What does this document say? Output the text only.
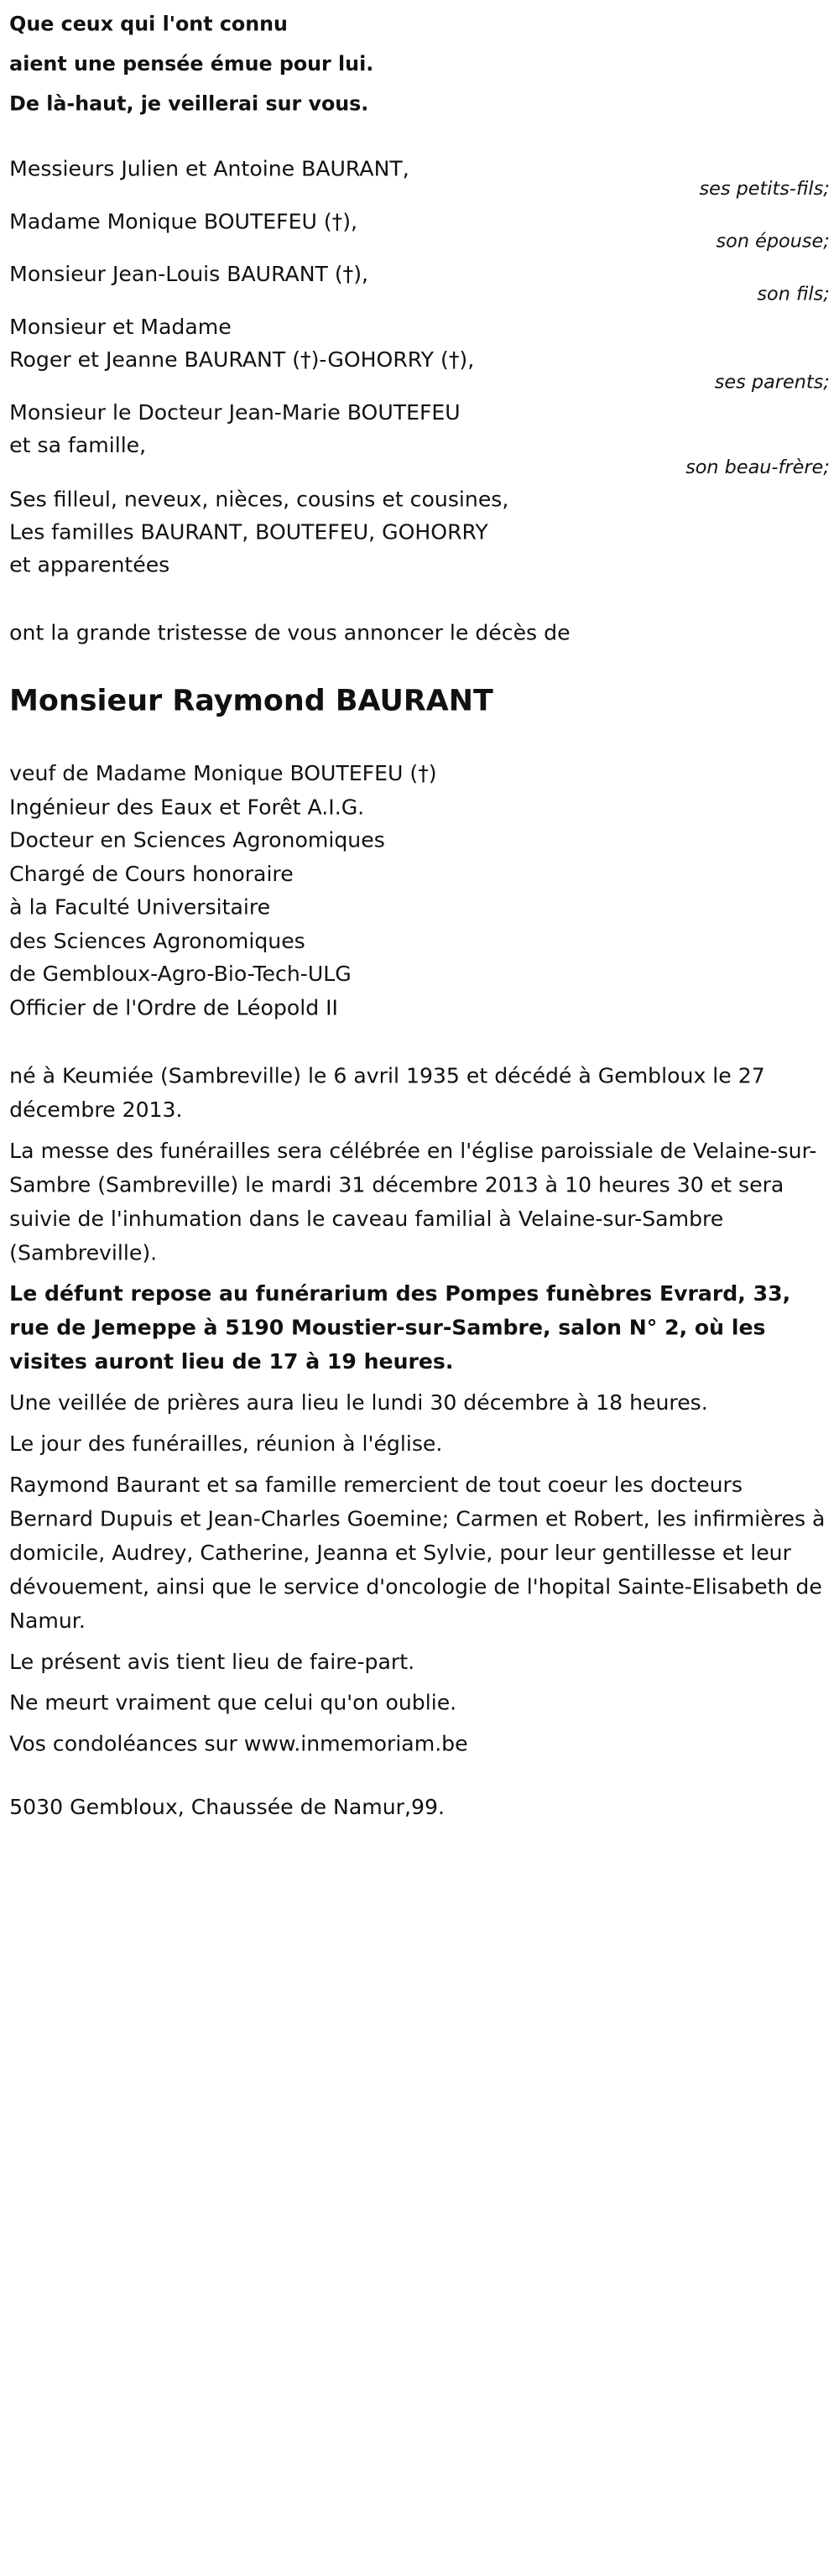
Que ceux qui l'ont connu

aient une pensée émue pour lui.

De là-haut, je veillerai sur vous.

Messieurs Julien et Antoine BAURANT,
ses petits-fils;
Madame Monique BOUTEFEU (†),
son épouse;
Monsieur Jean-Louis BAURANT (†),
son fils;
Monsieur et Madame
Roger et Jeanne BAURANT (†)-GOHORRY (†),
ses parents;
Monsieur le Docteur Jean-Marie BOUTEFEU
et sa famille,
son beau-frère;
Ses filleul, neveux, nièces, cousins et cousines,
Les familles BAURANT, BOUTEFEU, GOHORRY
et apparentées
ont la grande tristesse de vous annoncer le décès de
Monsieur Raymond BAURANT
veuf de Madame Monique BOUTEFEU (†)
Ingénieur des Eaux et Forêt A.I.G.
Docteur en Sciences Agronomiques
Chargé de Cours honoraire
à la Faculté Universitaire
des Sciences Agronomiques
de Gembloux-Agro-Bio-Tech-ULG
Officier de l'Ordre de Léopold II

né à Keumiée (Sambreville) le 6 avril 1935 et décédé à Gembloux le 27 décembre 2013.

La messe des funérailles sera célébrée en l'église paroissiale de Velaine-sur-Sambre (Sambreville) le mardi 31 décembre 2013 à 10 heures 30 et sera suivie de l'inhumation dans le caveau familial à Velaine-sur-Sambre (Sambreville).

Le défunt repose au funérarium des Pompes funèbres Evrard, 33, rue de Jemeppe à 5190 Moustier-sur-Sambre, salon N° 2, où les visites auront lieu de 17 à 19 heures.

Une veillée de prières aura lieu le lundi 30 décembre à 18 heures.

Le jour des funérailles, réunion à l'église.

Raymond Baurant et sa famille remercient de tout coeur les docteurs Bernard Dupuis et Jean-Charles Goemine; Carmen et Robert, les infirmières à domicile, Audrey, Catherine, Jeanna et Sylvie, pour leur gentillesse et leur dévouement, ainsi que le service d'oncologie de l'hopital Sainte-Elisabeth de Namur.

Le présent avis tient lieu de faire-part.

Ne meurt vraiment que celui qu'on oublie.

Vos condoléances sur www.inmemoriam.be

5030 Gembloux, Chaussée de Namur,99.
